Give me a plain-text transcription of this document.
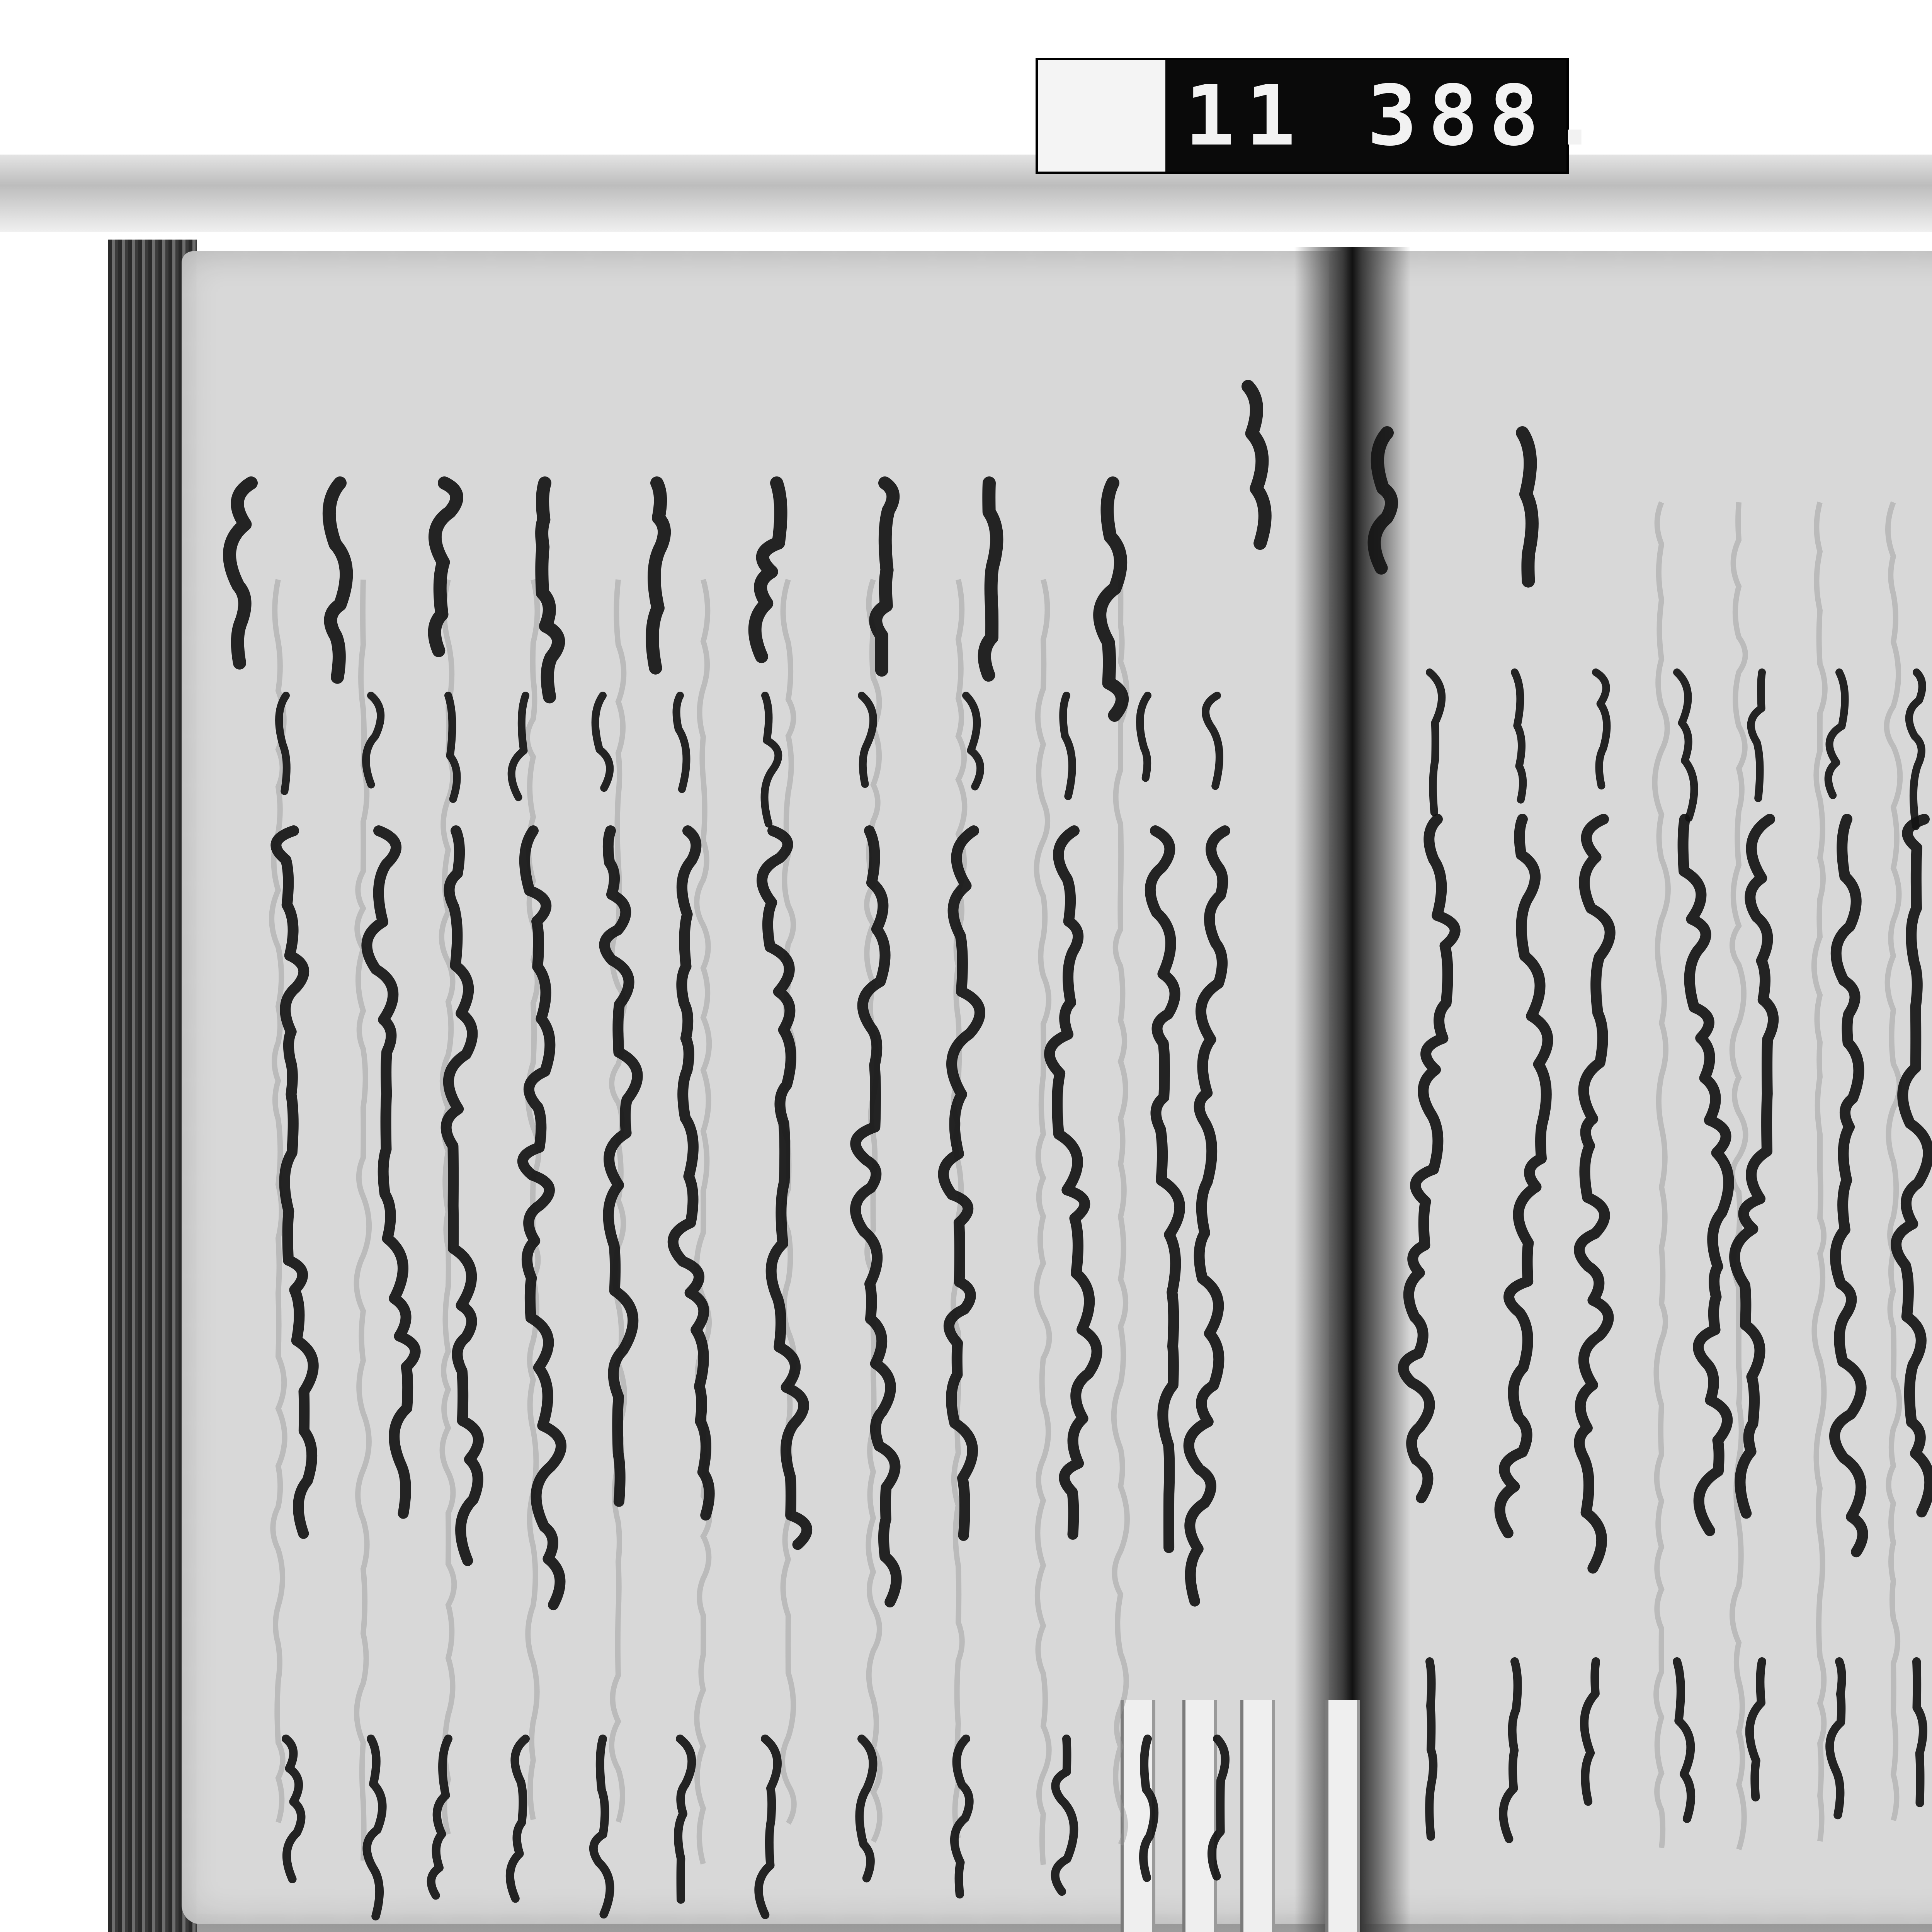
11 388.
